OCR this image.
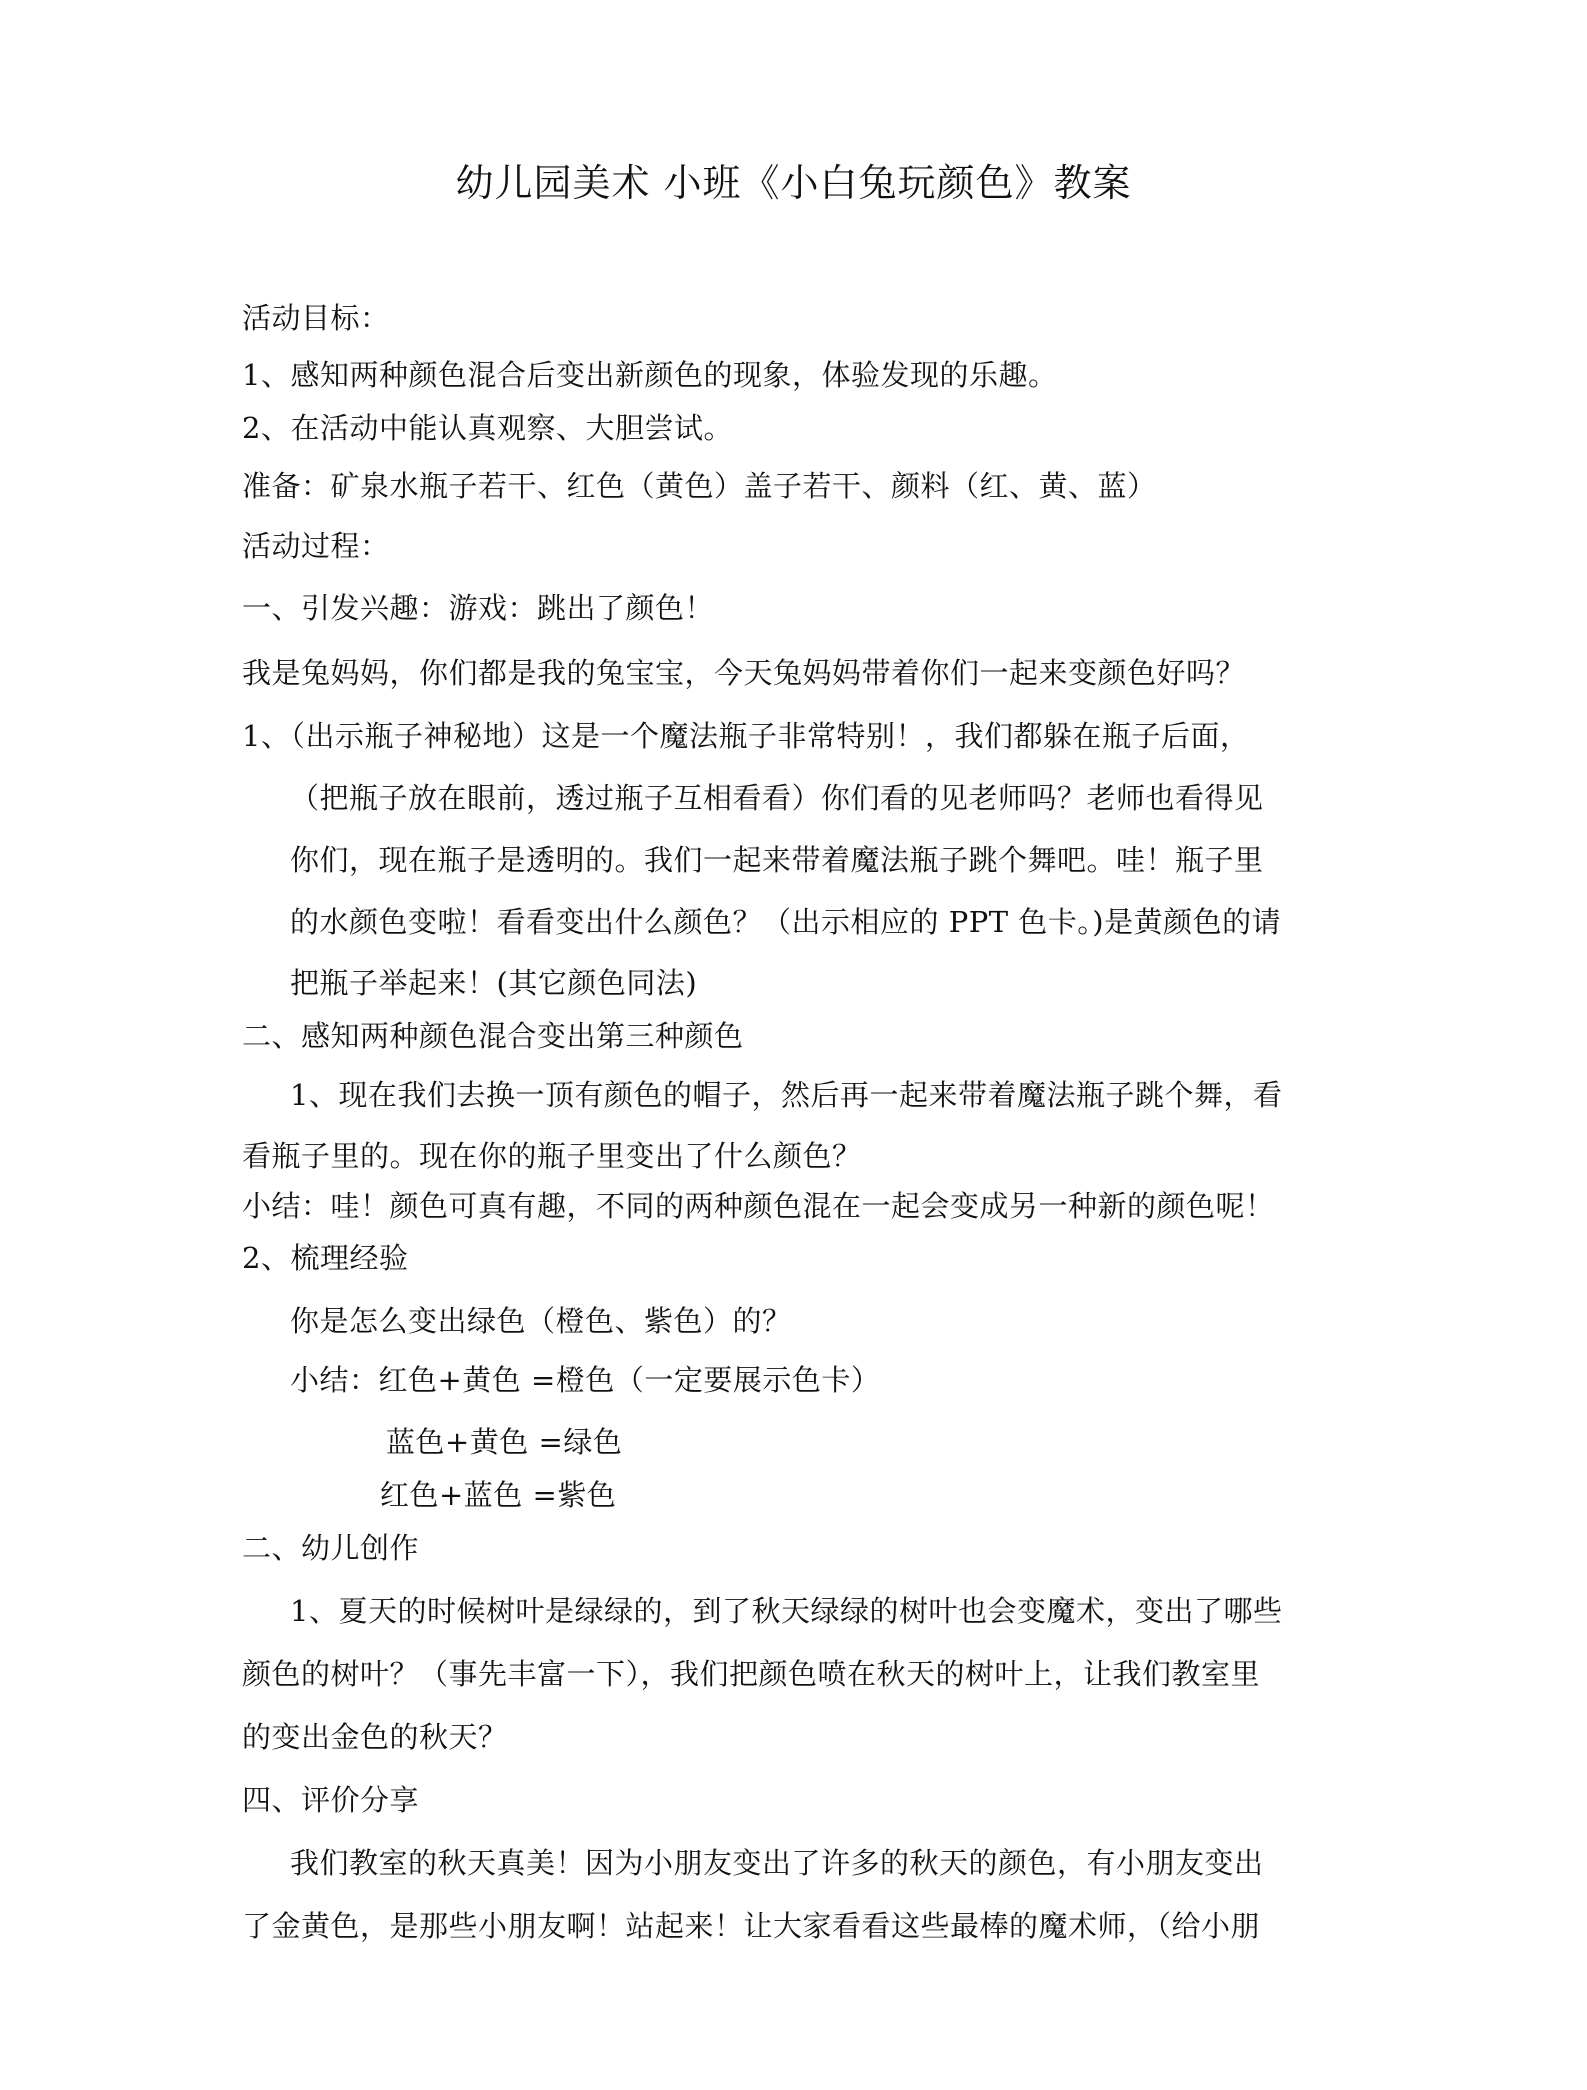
幼儿园美术 小班《小白兔玩颜色》教案
活动目标：
1、感知两种颜色混合后变出新颜色的现象，体验发现的乐趣。
2、在活动中能认真观察、大胆尝试。
准备：矿泉水瓶子若干、红色（黄色）盖子若干、颜料（红、黄、蓝）
活动过程：
一、引发兴趣：游戏：跳出了颜色！
我是兔妈妈，你们都是我的兔宝宝，今天兔妈妈带着你们一起来变颜色好吗？
1、（出示瓶子神秘地）这是一个魔法瓶子非常特别！，我们都躲在瓶子后面，
（把瓶子放在眼前，透过瓶子互相看看）你们看的见老师吗？老师也看得见
你们，现在瓶子是透明的。我们一起来带着魔法瓶子跳个舞吧。哇！瓶子里
的水颜色变啦！看看变出什么颜色？（出示相应的 PPT 色卡。)是黄颜色的请
把瓶子举起来！(其它颜色同法)
二、感知两种颜色混合变出第三种颜色
1、现在我们去换一顶有颜色的帽子，然后再一起来带着魔法瓶子跳个舞，看
看瓶子里的。现在你的瓶子里变出了什么颜色？
小结：哇！颜色可真有趣，不同的两种颜色混在一起会变成另一种新的颜色呢！
2、梳理经验
你是怎么变出绿色（橙色、紫色）的？
小结：红色+黄色 =橙色（一定要展示色卡）
蓝色+黄色 =绿色
红色+蓝色 =紫色
二、幼儿创作
1、夏天的时候树叶是绿绿的，到了秋天绿绿的树叶也会变魔术，变出了哪些
颜色的树叶？（事先丰富一下），我们把颜色喷在秋天的树叶上，让我们教室里
的变出金色的秋天？
四、评价分享
我们教室的秋天真美！因为小朋友变出了许多的秋天的颜色，有小朋友变出
了金黄色，是那些小朋友啊！站起来！让大家看看这些最棒的魔术师，（给小朋
